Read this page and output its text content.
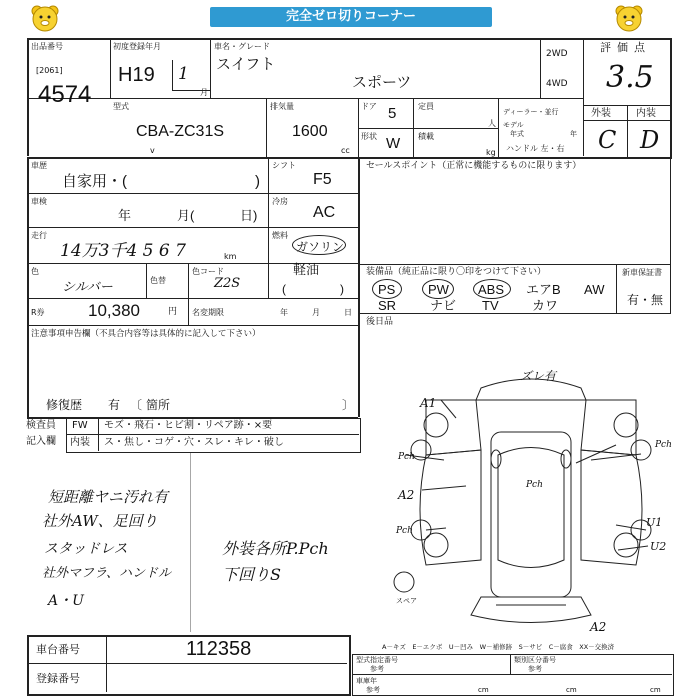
完全ゼロ切りコーナー
出品番号
[2061]
4574
初度登録年月
H19 1
月
車名・グレード
スイフト
スポーツ
2WD
4WD
評価点
3.5
外装	内装
C D
型式
CBA-ZC31S
v
排気量
1600
cc
ドア 5
形状 W
定員
人
積載
kg
ディーラー・並行
モデル
年式	年
ハンドル 左・右
車歴
自家用・(	)
シフト
F5
車検
年	月(	日)
冷房
AC
走行
14万3千4 5 6 7	km
燃料
ガソリン
軽油
(	)
色
シルバー	色替
色コード
Z2S
R券	10,380	円 名変期限	年	月	日
注意事項申告欄（不具合内容等は具体的に記入して下さい）
修復歴 有 〔 箇所	〕
セールスポイント（正常に機能するものに限ります）
装備品（純正品に限り〇印をつけて下さい）	新車保証書
有・無
PS	PW ABS エアB AW
SR	ナビ TV	カワ
後日品
検査員
記入欄
FW モズ・飛石・ヒビ割・リペア跡・×要
内装 ス・焦し・コゲ・穴・スレ・キレ・破し
短距離ヤニ汚れ有
社外AW、足回り
スタッドレス
社外マフラ、ハンドル
A・U
外装各所P.Pch
下回りS
ズレ有
A1
Pch
Pch
Pch
A2
Pch
U1
U2
A2
スペア
車台番号	112358
登録番号
A－キズ　E－エクボ　U－凹み　W－補修跡　S－サビ　C－腐食　XX－交換済
型式指定番号
参考
類別区分番号
参考
車庫年
参考	cm	cm	cm
